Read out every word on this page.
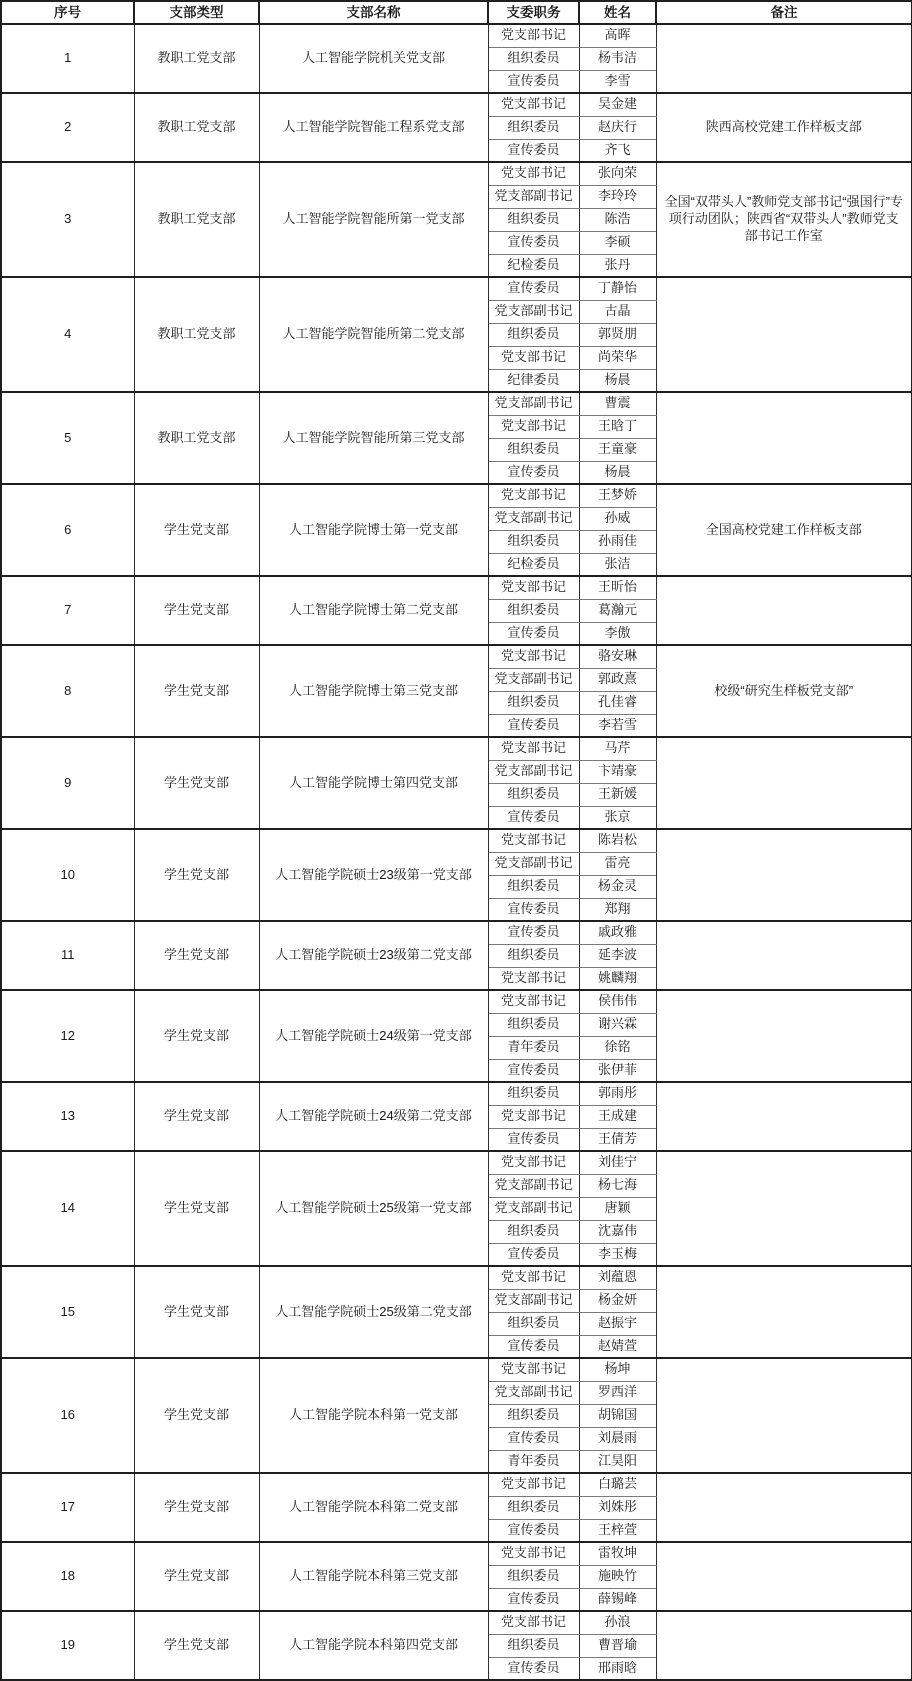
序号	支部类型	支部名称	支委职务	姓名	备注
1	教职工党支部	人工智能学院机关党支部	党支部书记	高晖	
			组织委员	杨韦洁	
			宣传委员	李雪	
2	教职工党支部	人工智能学院智能工程系党支部	党支部书记	吴金建	陕西高校党建工作样板支部
			组织委员	赵庆行	
			宣传委员	齐飞	
3	教职工党支部	人工智能学院智能所第一党支部	党支部书记	张向荣	全国“双带头人”教师党支部书记“强国行”专项行动团队；陕西省“双带头人”教师党支部书记工作室
			党支部副书记	李玲玲	
			组织委员	陈浩	
			宣传委员	李硕	
			纪检委员	张丹	
4	教职工党支部	人工智能学院智能所第二党支部	宣传委员	丁静怡	
			党支部副书记	古晶	
			组织委员	郭贤朋	
			党支部书记	尚荣华	
			纪律委员	杨晨	
5	教职工党支部	人工智能学院智能所第三党支部	党支部副书记	曹震	
			党支部书记	王晗丁	
			组织委员	王童豪	
			宣传委员	杨晨	
6	学生党支部	人工智能学院博士第一党支部	党支部书记	王梦娇	全国高校党建工作样板支部
			党支部副书记	孙威	
			组织委员	孙雨佳	
			纪检委员	张洁	
7	学生党支部	人工智能学院博士第二党支部	党支部书记	王昕怡	
			组织委员	葛瀚元	
			宣传委员	李傲	
8	学生党支部	人工智能学院博士第三党支部	党支部书记	骆安琳	校级“研究生样板党支部”
			党支部副书记	郭政熹	
			组织委员	孔佳睿	
			宣传委员	李若雪	
9	学生党支部	人工智能学院博士第四党支部	党支部书记	马芹	
			党支部副书记	卞靖豪	
			组织委员	王新媛	
			宣传委员	张京	
10	学生党支部	人工智能学院硕士23级第一党支部	党支部书记	陈岩松	
			党支部副书记	雷亮	
			组织委员	杨金灵	
			宣传委员	郑翔	
11	学生党支部	人工智能学院硕士23级第二党支部	宣传委员	戚政雅	
			组织委员	延李波	
			党支部书记	姚麟翔	
12	学生党支部	人工智能学院硕士24级第一党支部	党支部书记	侯伟伟	
			组织委员	谢兴霖	
			青年委员	徐铭	
			宣传委员	张伊菲	
13	学生党支部	人工智能学院硕士24级第二党支部	组织委员	郭雨彤	
			党支部书记	王成建	
			宣传委员	王倩芳	
14	学生党支部	人工智能学院硕士25级第一党支部	党支部书记	刘佳宁	
			党支部副书记	杨七海	
			党支部副书记	唐颖	
			组织委员	沈嘉伟	
			宣传委员	李玉梅	
15	学生党支部	人工智能学院硕士25级第二党支部	党支部书记	刘蕴恩	
			党支部副书记	杨金妍	
			组织委员	赵振宇	
			宣传委员	赵婧萱	
16	学生党支部	人工智能学院本科第一党支部	党支部书记	杨坤	
			党支部副书记	罗西洋	
			组织委员	胡锦国	
			宣传委员	刘晨雨	
			青年委员	江昊阳	
17	学生党支部	人工智能学院本科第二党支部	党支部书记	白璐芸	
			组织委员	刘姝彤	
			宣传委员	王梓萱	
18	学生党支部	人工智能学院本科第三党支部	党支部书记	雷牧坤	
			组织委员	施映竹	
			宣传委员	薛锡峰	
19	学生党支部	人工智能学院本科第四党支部	党支部书记	孙浪	
			组织委员	曹晋瑜	
			宣传委员	邢雨晗	
